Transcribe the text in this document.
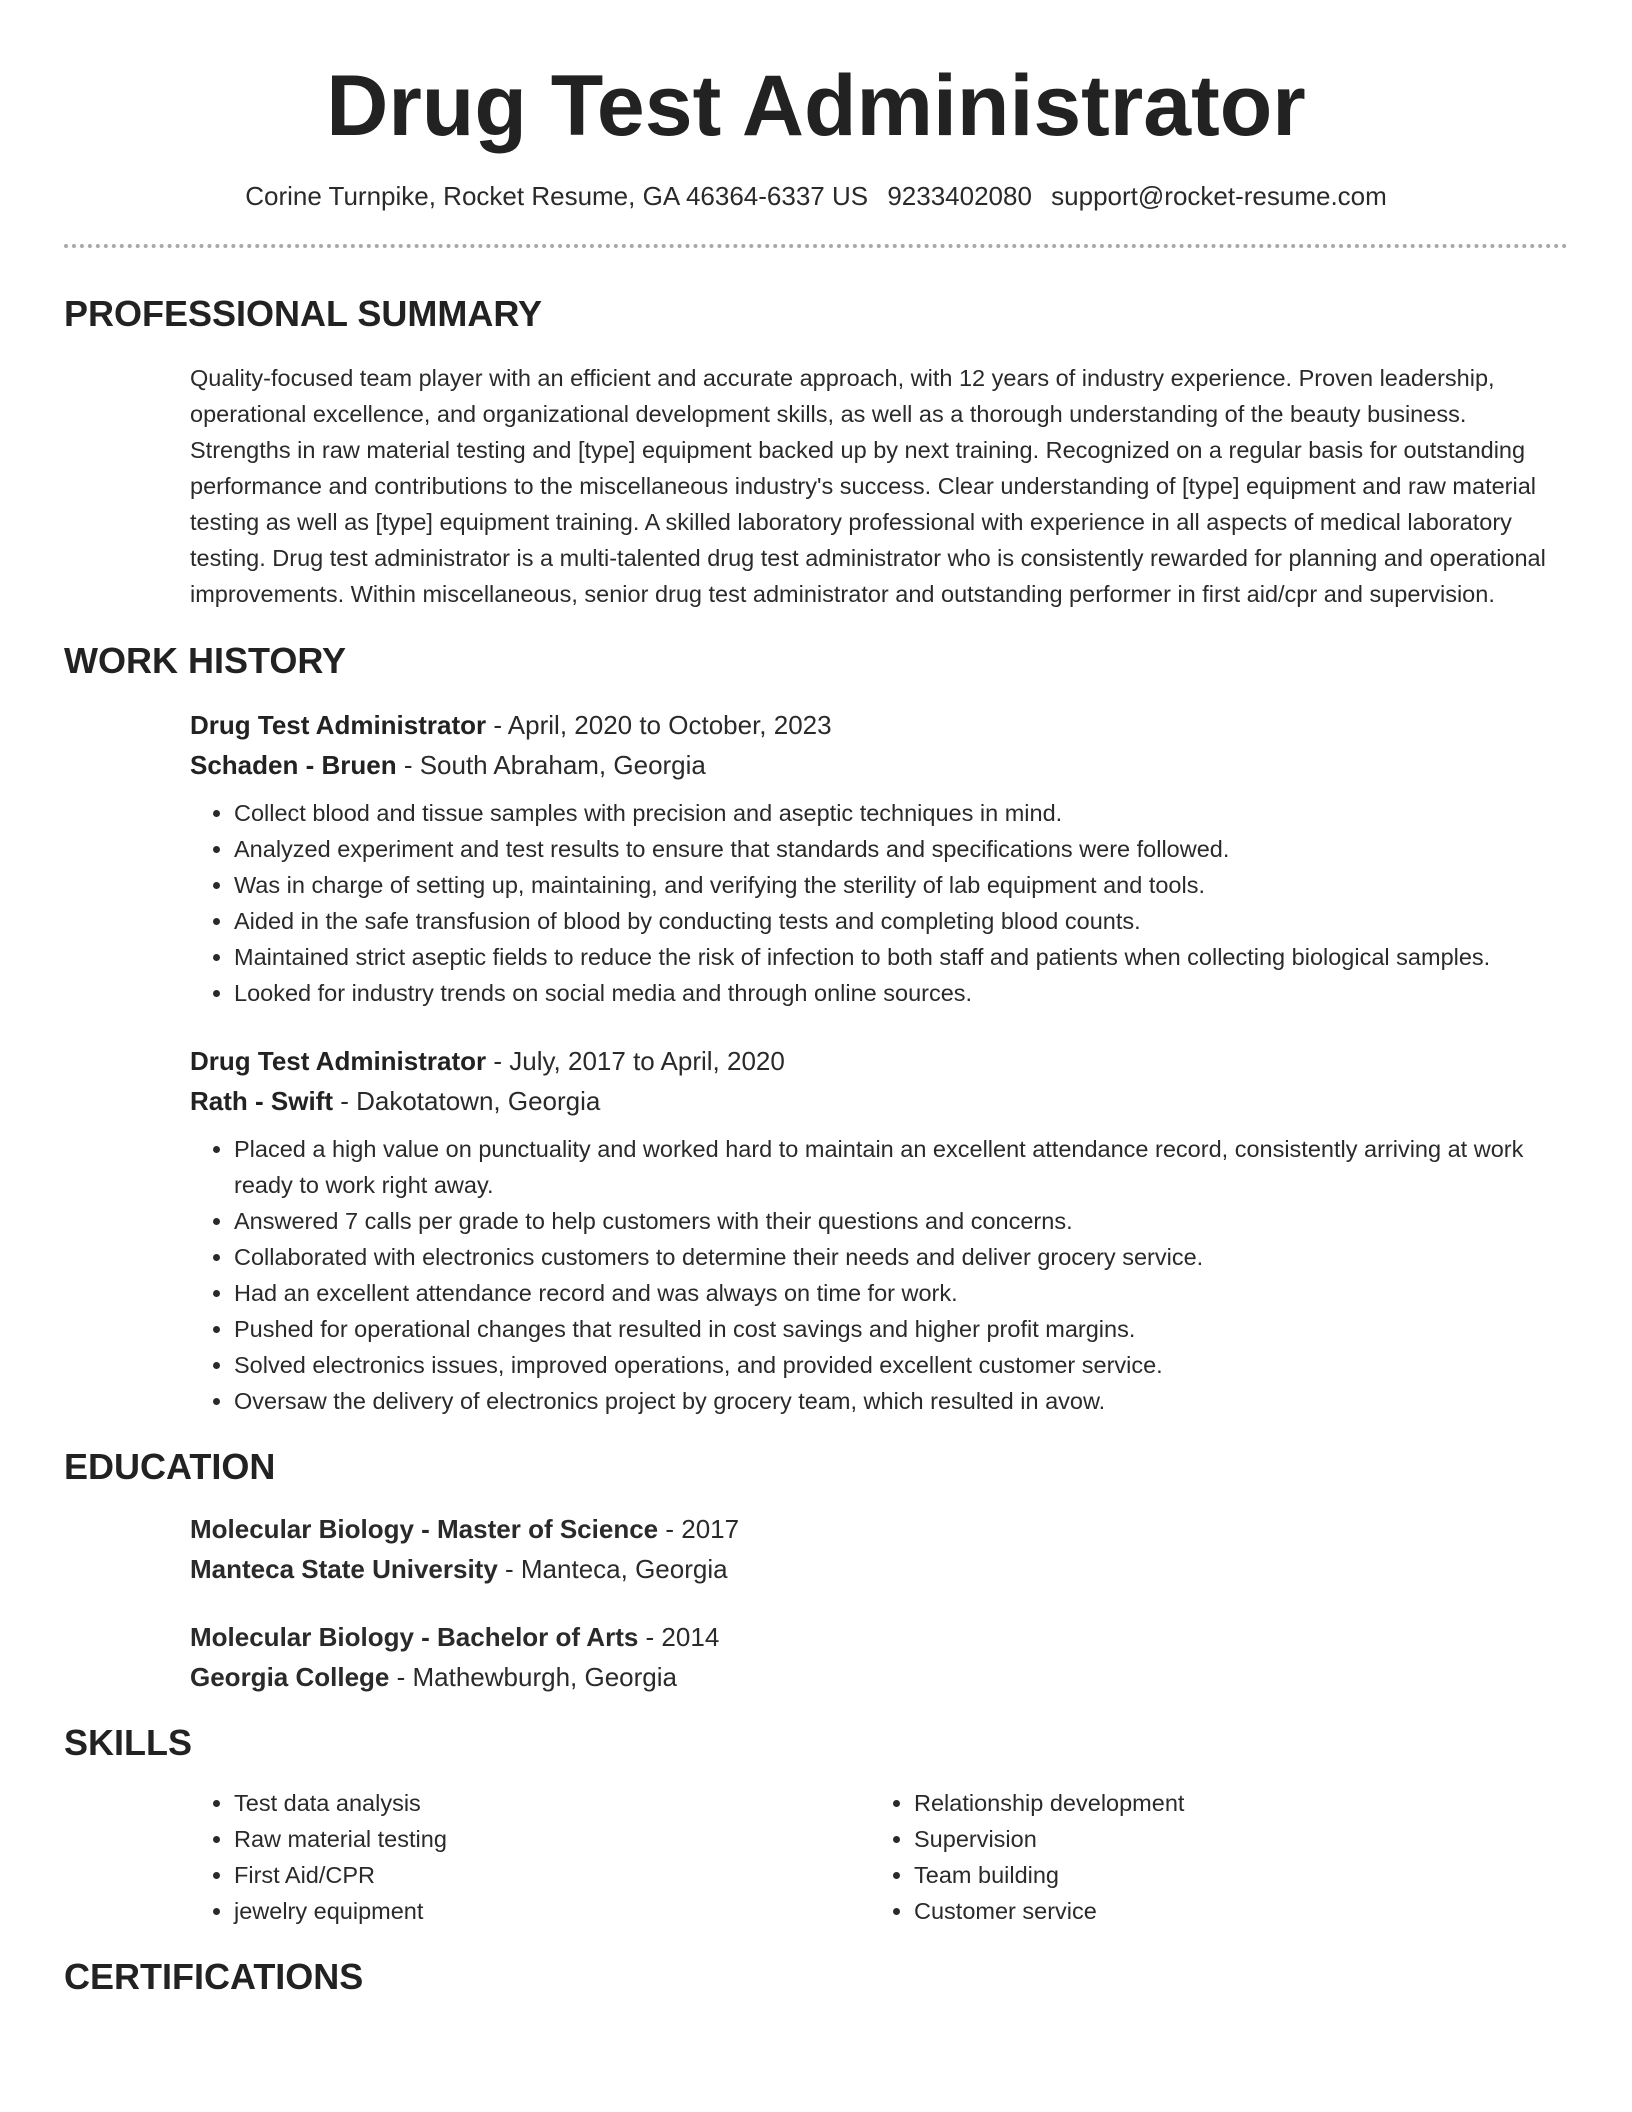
Drug Test Administrator
Corine Turnpike, Rocket Resume, GA 46364-6337 US 9233402080 support@rocket-resume.com
PROFESSIONAL SUMMARY

Quality-focused team player with an efficient and accurate approach, with 12 years of industry experience. Proven leadership, operational excellence, and organizational development skills, as well as a thorough understanding of the beauty business. Strengths in raw material testing and [type] equipment backed up by next training. Recognized on a regular basis for outstanding performance and contributions to the miscellaneous industry's success. Clear understanding of [type] equipment and raw material testing as well as [type] equipment training. A skilled laboratory professional with experience in all aspects of medical laboratory testing. Drug test administrator is a multi-talented drug test administrator who is consistently rewarded for planning and operational improvements. Within miscellaneous, senior drug test administrator and outstanding performer in first aid/cpr and supervision.

WORK HISTORY
Drug Test Administrator - April, 2020 to October, 2023
Schaden - Bruen - South Abraham, Georgia
• Collect blood and tissue samples with precision and aseptic techniques in mind.
• Analyzed experiment and test results to ensure that standards and specifications were followed.
• Was in charge of setting up, maintaining, and verifying the sterility of lab equipment and tools.
• Aided in the safe transfusion of blood by conducting tests and completing blood counts.
• Maintained strict aseptic fields to reduce the risk of infection to both staff and patients when collecting biological samples.
• Looked for industry trends on social media and through online sources.
Drug Test Administrator - July, 2017 to April, 2020
Rath - Swift - Dakotatown, Georgia
• Placed a high value on punctuality and worked hard to maintain an excellent attendance record, consistently arriving at work ready to work right away.
• Answered 7 calls per grade to help customers with their questions and concerns.
• Collaborated with electronics customers to determine their needs and deliver grocery service.
• Had an excellent attendance record and was always on time for work.
• Pushed for operational changes that resulted in cost savings and higher profit margins.
• Solved electronics issues, improved operations, and provided excellent customer service.
• Oversaw the delivery of electronics project by grocery team, which resulted in avow.
EDUCATION
Molecular Biology - Master of Science - 2017
Manteca State University - Manteca, Georgia
Molecular Biology - Bachelor of Arts - 2014
Georgia College - Mathewburgh, Georgia
SKILLS
• Test data analysis
• Raw material testing
• First Aid/CPR
• jewelry equipment
• Relationship development
• Supervision
• Team building
• Customer service
CERTIFICATIONS
